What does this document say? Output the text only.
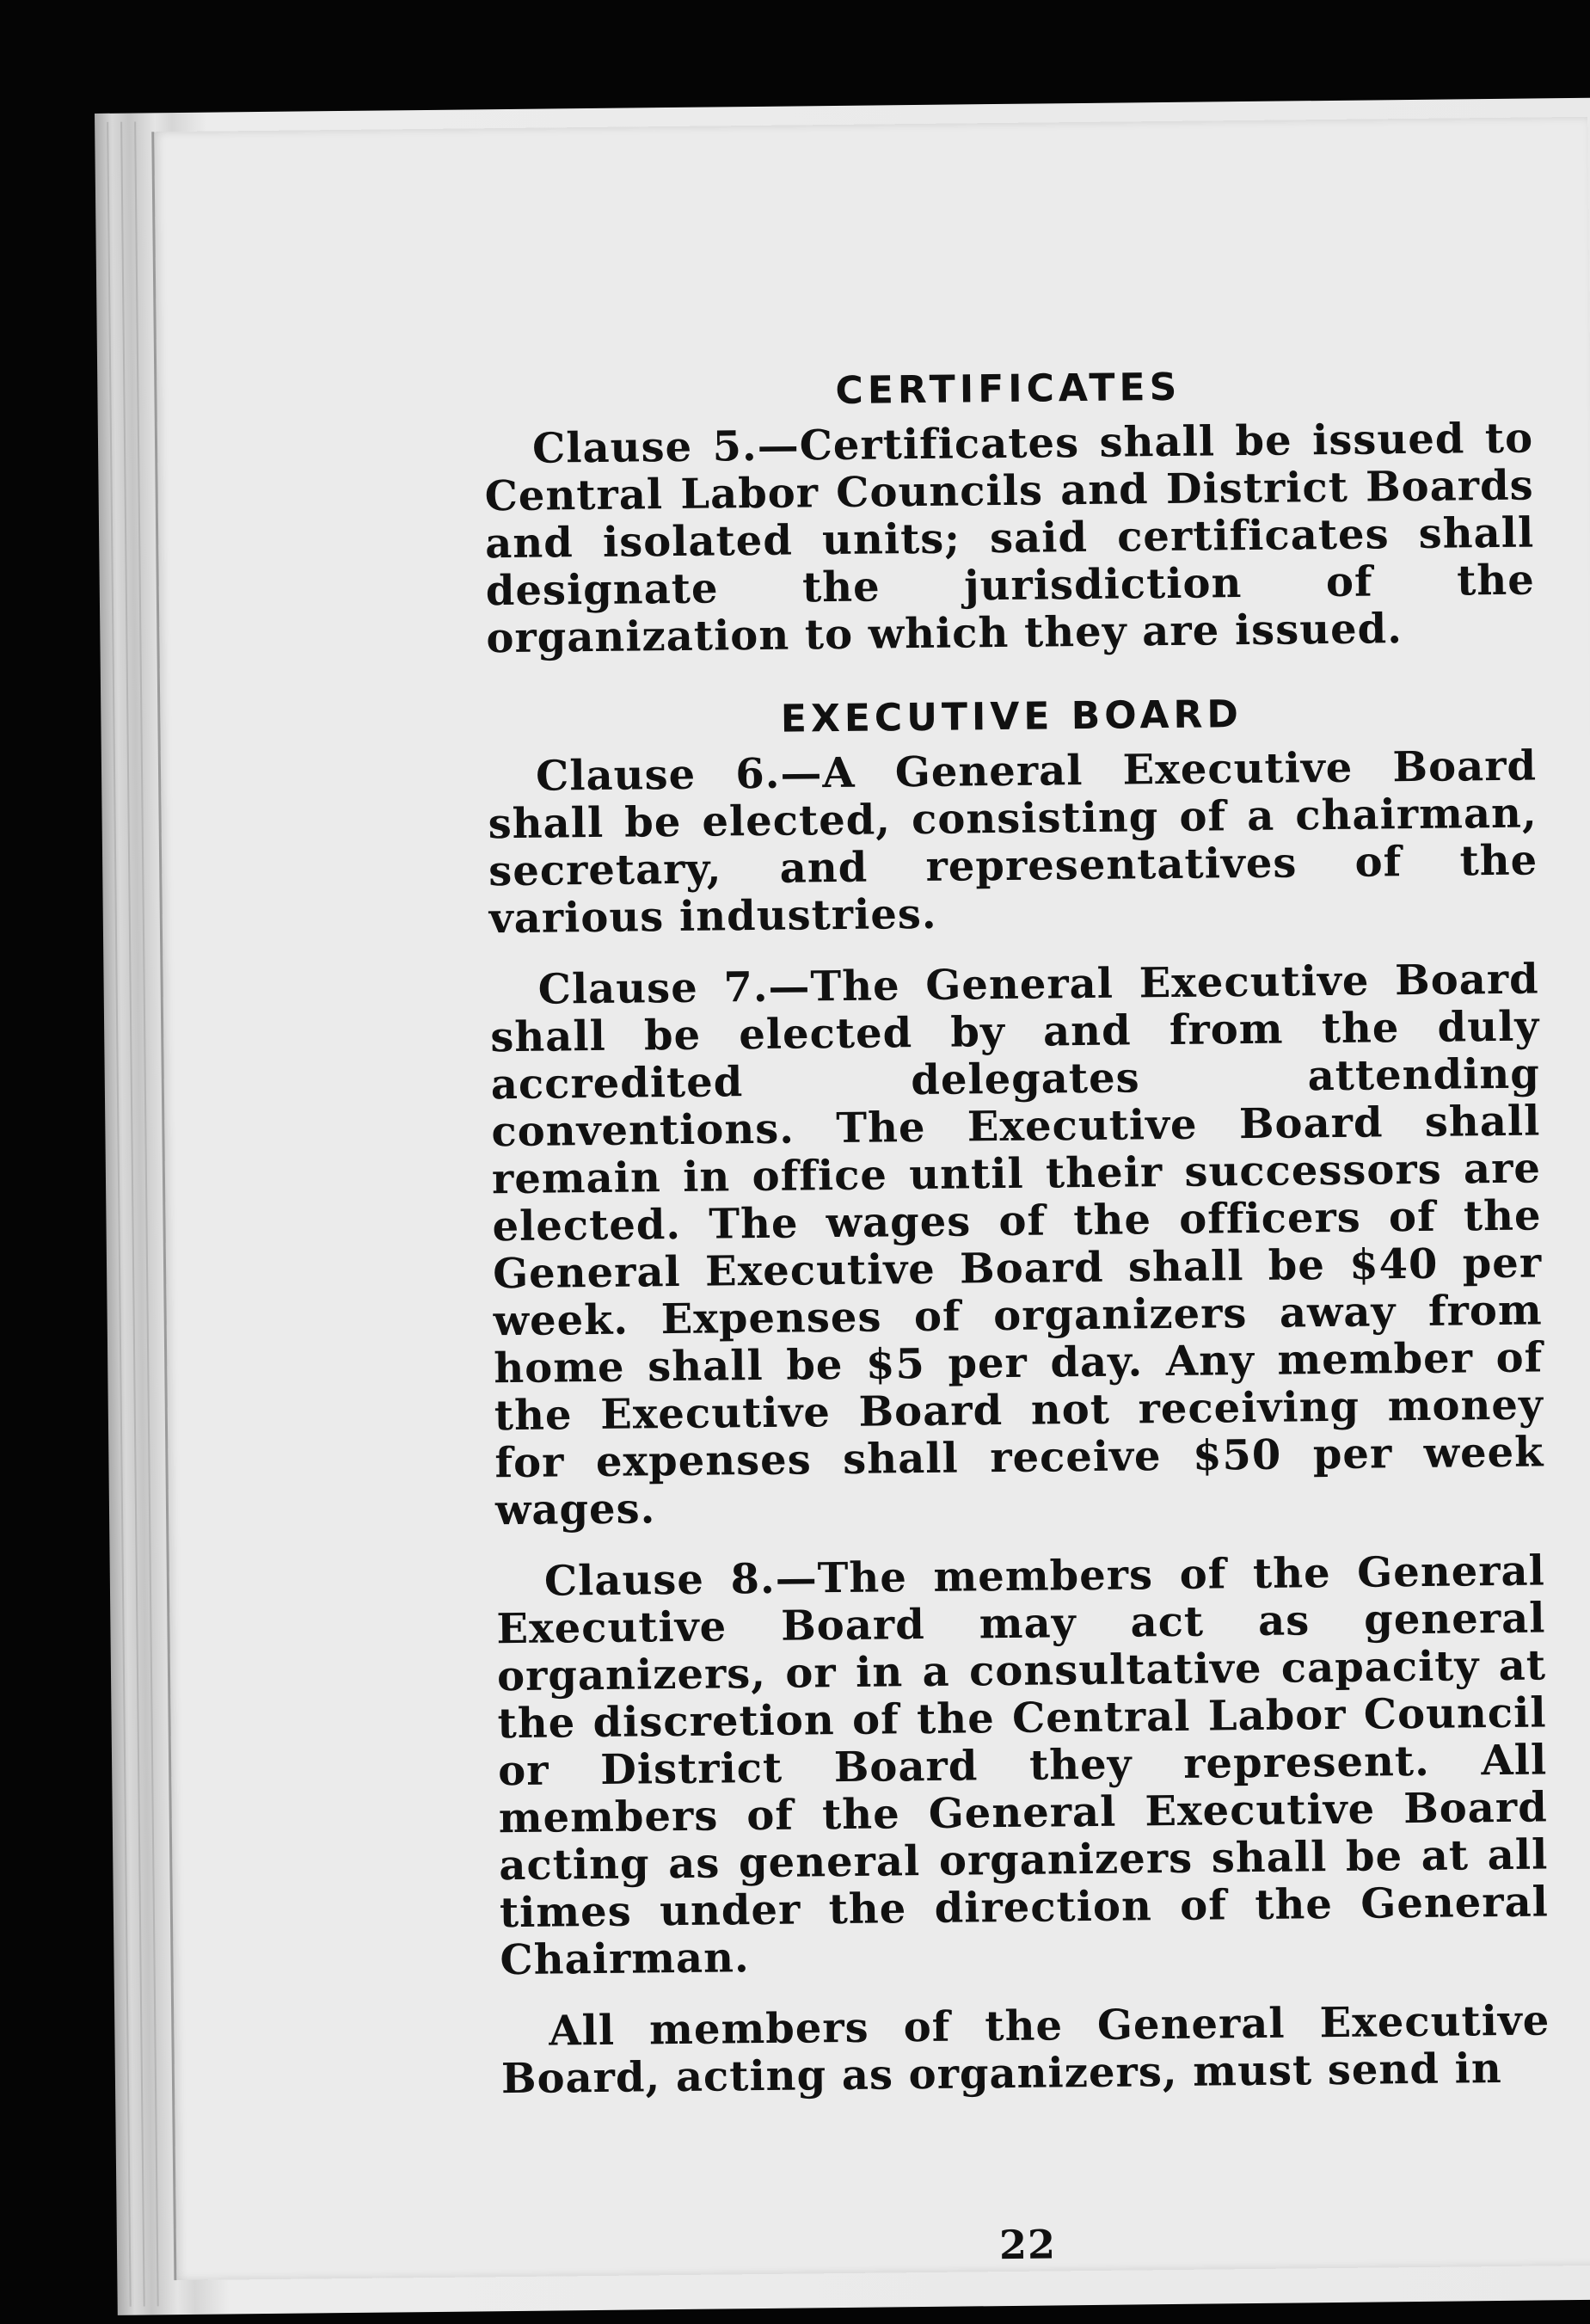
CERTIFICATES

Clause 5.—Certificates shall be issued to Central Labor Councils and District Boards and isolated units; said certificates shall designate the jurisdiction of the organization to which they are issued.

EXECUTIVE BOARD

Clause 6.—A General Executive Board shall be elected, consisting of a chairman, secretary, and representatives of the various industries.

Clause 7.—The General Executive Board shall be elected by and from the duly accredited delegates attending conventions. The Executive Board shall remain in office until their successors are elected. The wages of the officers of the General Executive Board shall be $40 per week. Expenses of organizers away from home shall be $5 per day. Any member of the Executive Board not receiving money for expenses shall receive $50 per week wages.

Clause 8.—The members of the General Executive Board may act as general organizers, or in a consultative capacity at the discretion of the Central Labor Council or District Board they represent. All members of the General Executive Board acting as general organizers shall be at all times under the direction of the General Chairman.

All members of the General Executive Board, acting as organizers, must send in

22
